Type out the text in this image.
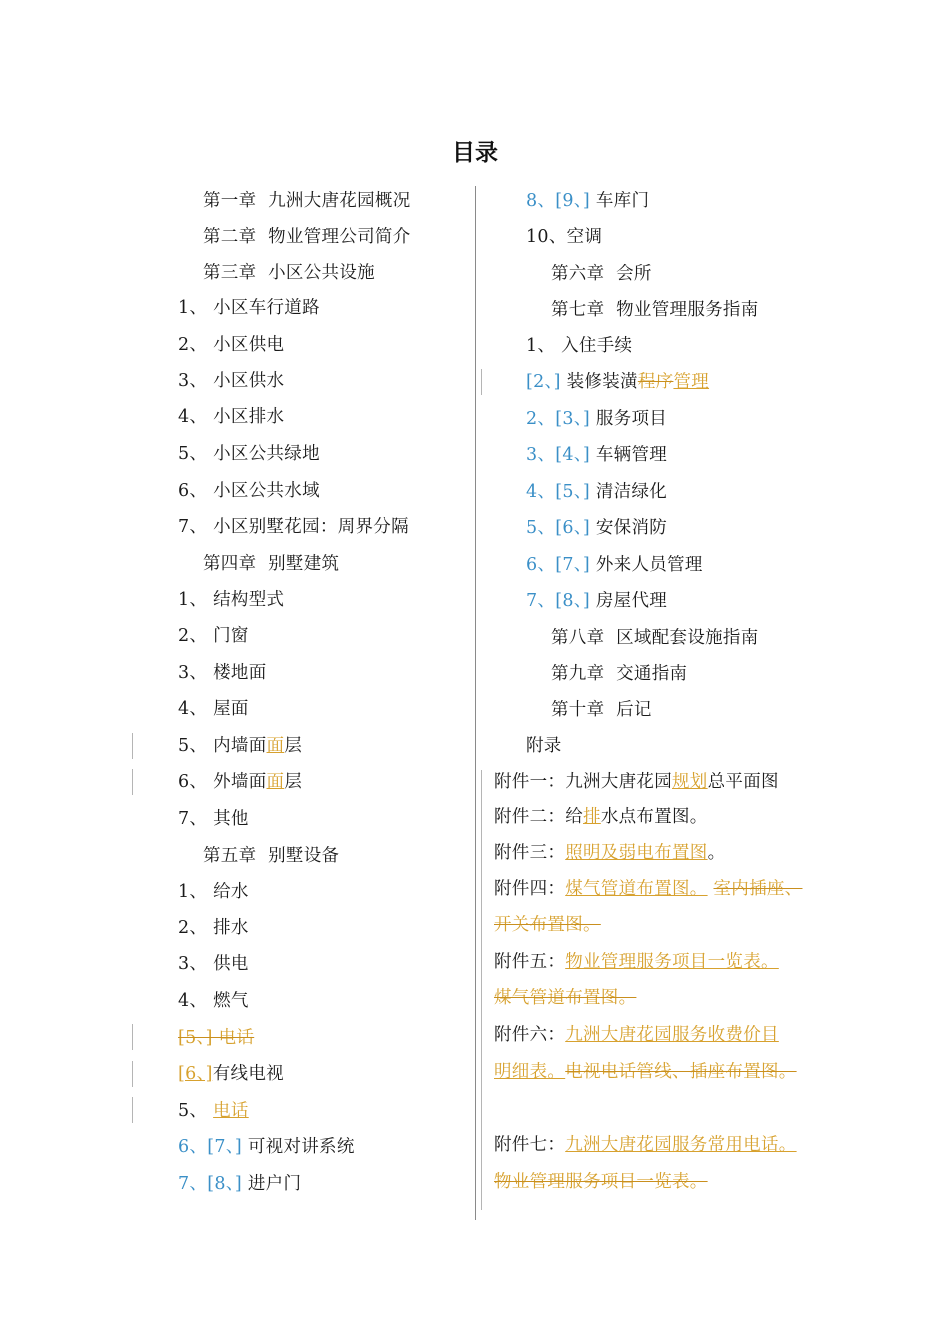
目录
第一章  九洲大唐花园概况
第二章  物业管理公司简介
第三章  小区公共设施
1、 小区车行道路
2、 小区供电
3、 小区供水
4、 小区排水
5、 小区公共绿地
6、 小区公共水域
7、 小区别墅花园：周界分隔
第四章  别墅建筑
1、 结构型式
2、 门窗
3、 楼地面
4、 屋面
5、 内墙面面层
6、 外墙面面层
7、 其他
第五章  别墅设备
1、 给水
2、 排水
3、 供电
4、 燃气
[5、] 电话
[6、]有线电视
5、 电话
6、[7、] 可视对讲系统
7、[8、] 进户门
8、[9、] 车库门
10、空调
第六章  会所
第七章  物业管理服务指南
1、 入住手续
[2、] 装修装潢程序管理
2、[3、] 服务项目
3、[4、] 车辆管理
4、[5、] 清洁绿化
5、[6、] 安保消防
6、[7、] 外来人员管理
7、[8、] 房屋代理
第八章  区域配套设施指南
第九章  交通指南
第十章  后记
附录
附件一：九洲大唐花园规划总平面图
附件二：给排水点布置图。
附件三：照明及弱电布置图。
附件四：煤气管道布置图。 室内插座、
开关布置图。
附件五：物业管理服务项目一览表。
煤气管道布置图。
附件六：九洲大唐花园服务收费价目
明细表。电视电话管线、插座布置图。
附件七：九洲大唐花园服务常用电话。
物业管理服务项目一览表。
